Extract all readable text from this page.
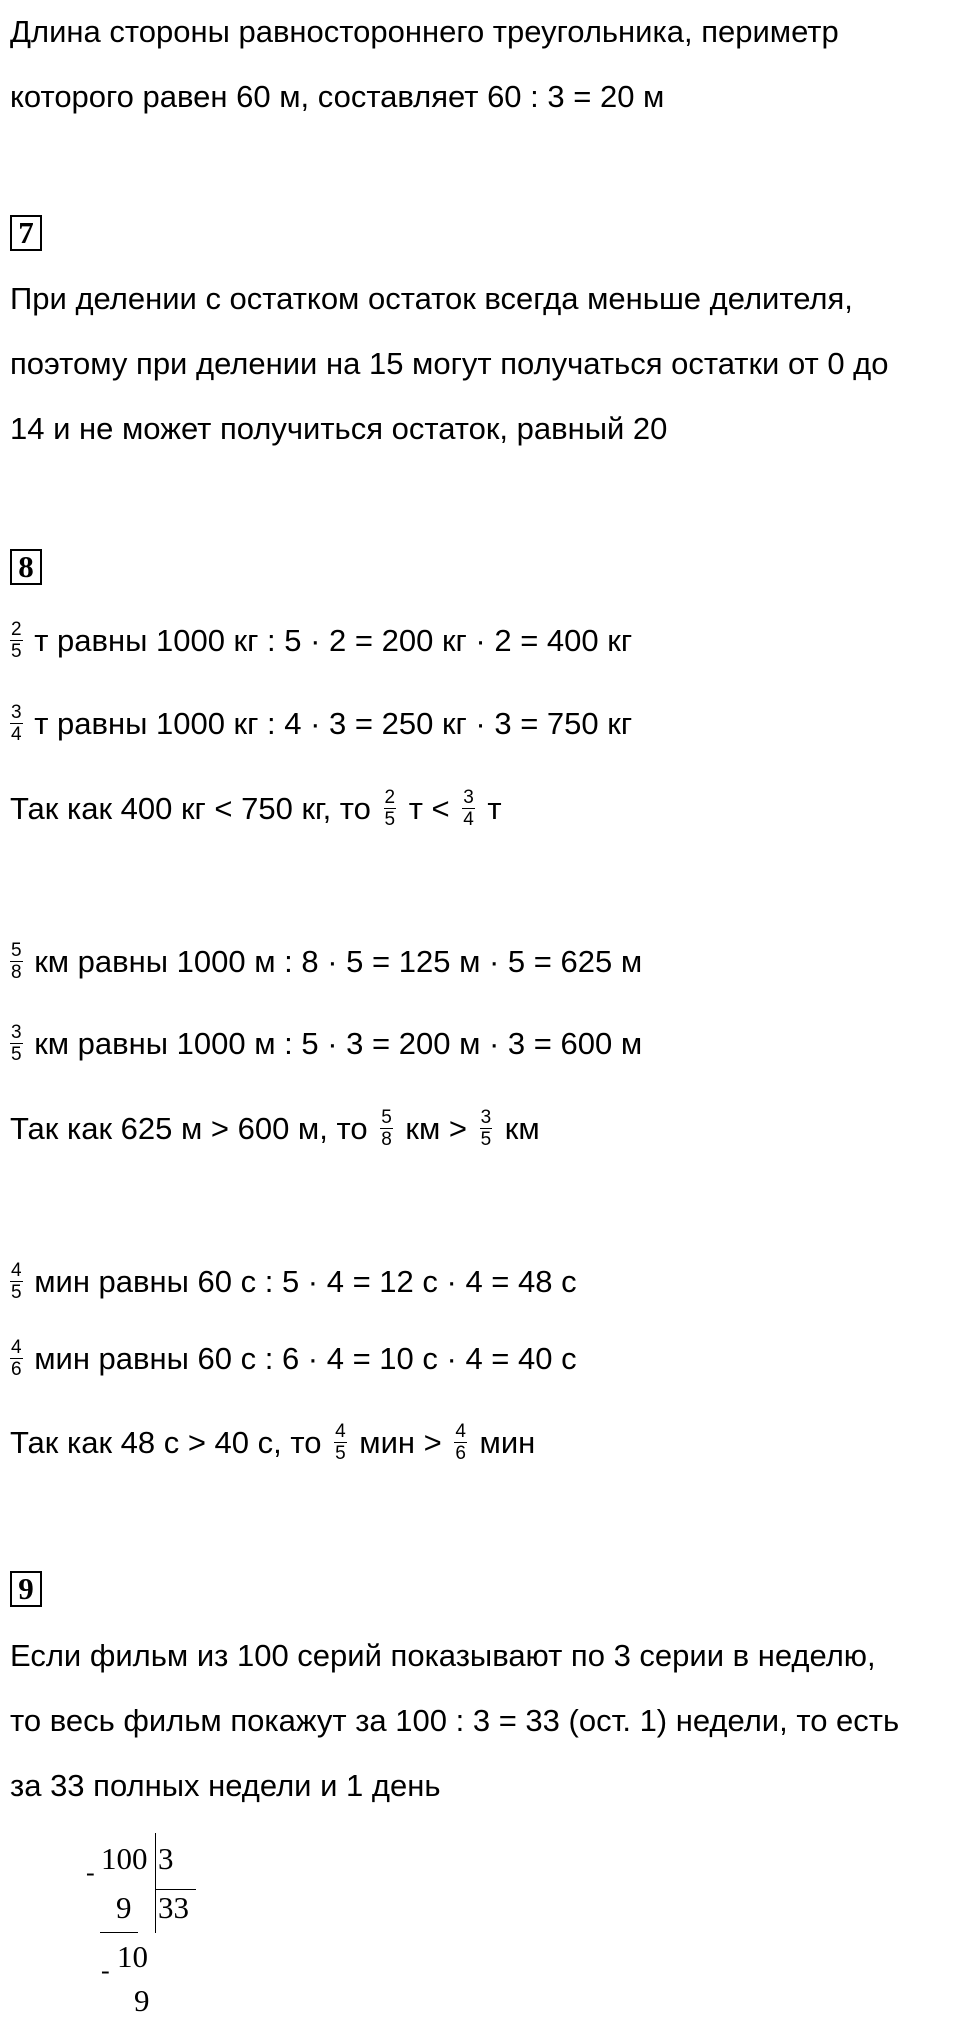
Длина стороны равностороннего треугольника, периметр
которого равен 60 м, составляет 60 : 3 = 20 м
7
При делении с остатком остаток всегда меньше делителя,
поэтому при делении на 15 могут получаться остатки от 0 до
14 и не может получиться остаток, равный 20
8
$\frac{2}{5}$ т равны 1000 кг : 5 · 2 = 200 кг · 2 = 400 кг
$\frac{3}{4}$ т равны 1000 кг : 4 · 3 = 250 кг · 3 = 750 кг
Так как 400 кг < 750 кг, то $\frac{2}{5}$ $т < \frac{3}{4}$ т
$\frac{5}{8}$ км равны 1000 м : 8 · 5 = 125 м · 5 = 625 м
$\frac{3}{5}$ км равны 1000 м : 5 · 3 = 200 м · 3 = 600 м
Так как 625 м > 600 м, то $\frac{5}{8}$ км > $\frac{3}{5}$ км
$\frac{4}{5}$ мин равны 60 с : 5 · 4 = 12 с · 4 = 48 с
$\frac{4}{6}$ мин равны 60 с : 6 · 4 = 10 с · 4 = 40 с
Так как 48 с > 40 с, то $\frac{4}{5}$ мин > $\frac{4}{6}$ мин
9
Если фильм из 100 серий показывают по 3 серии в неделю,
то весь фильм покажут за 100 : 3 = 33 (ост. 1) недели, то есть
за 33 полных недели и 1 день
- 100 3
33
9
10
-
9
